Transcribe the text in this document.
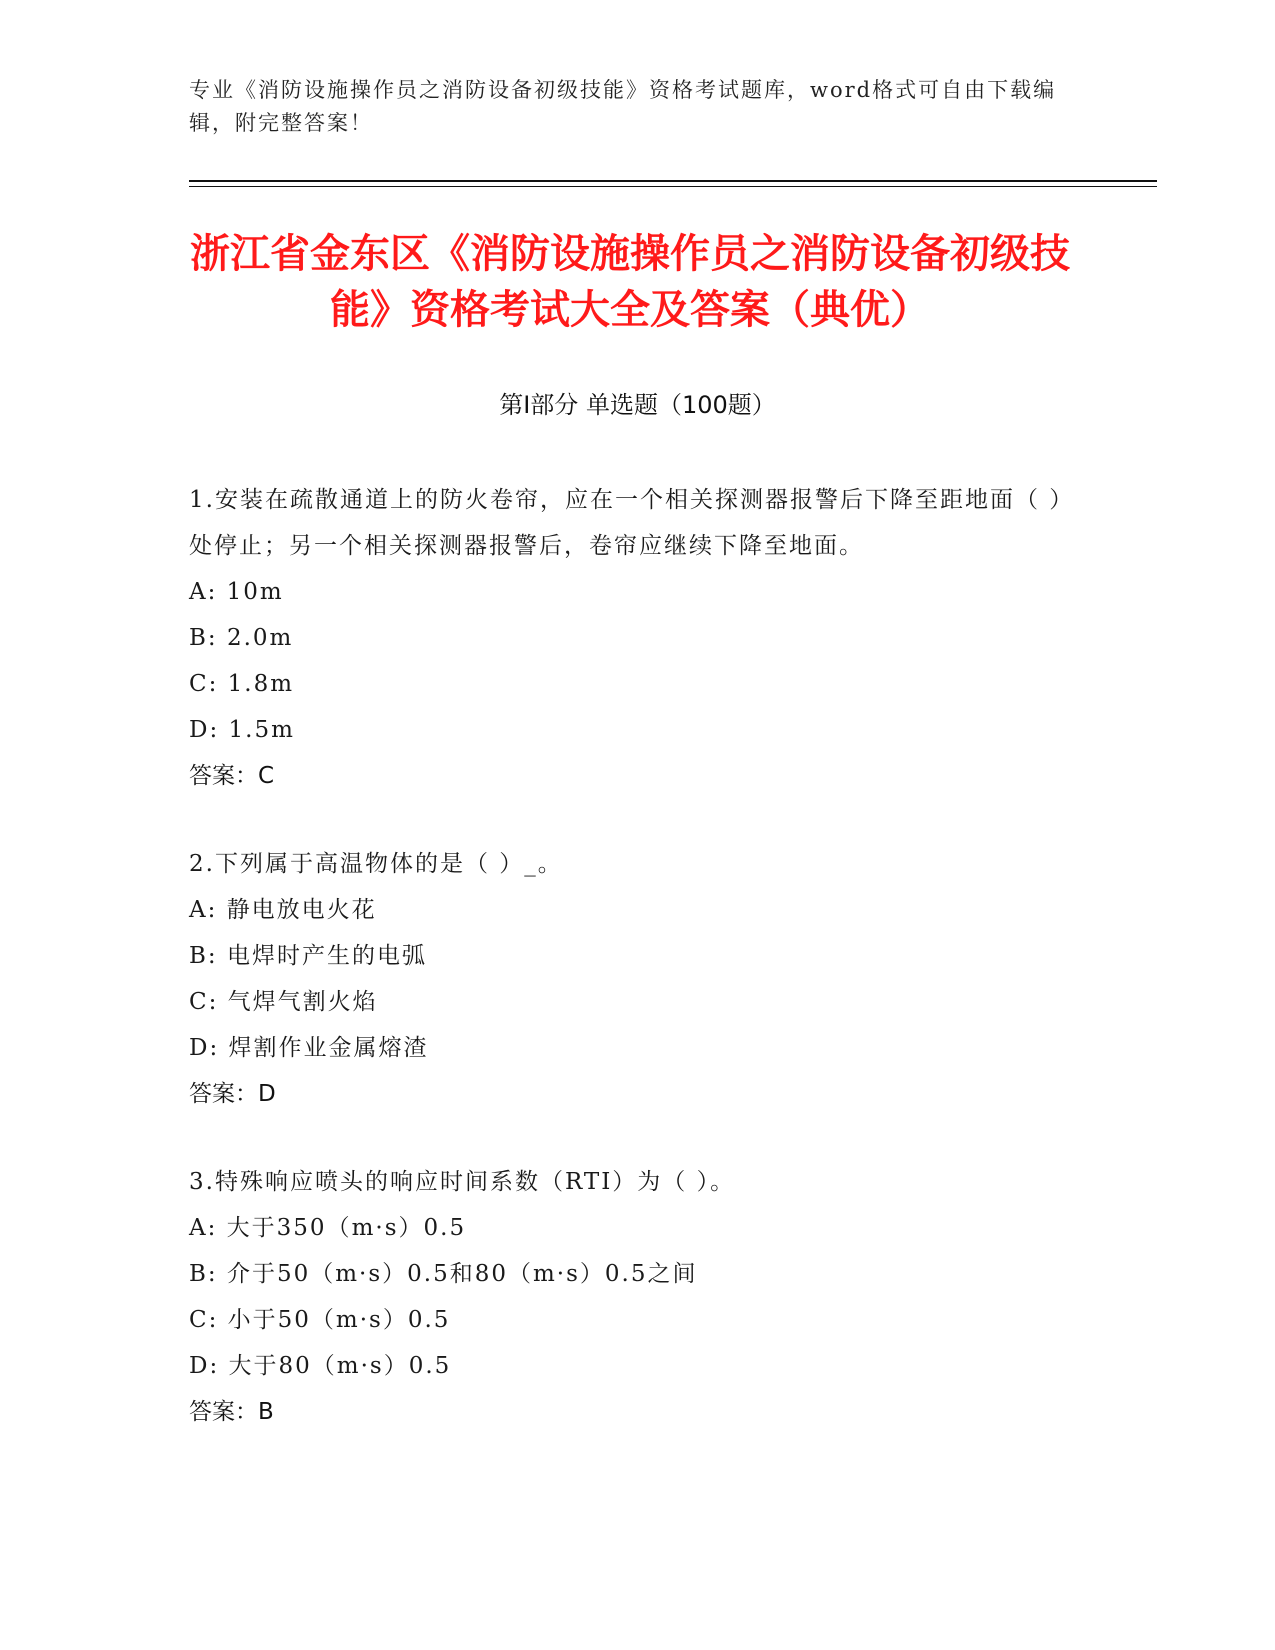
专业《消防设施操作员之消防设备初级技能》资格考试题库，word格式可自由下载编辑，附完整答案！
浙江省金东区《消防设施操作员之消防设备初级技能》资格考试大全及答案（典优）
第I部分 单选题（100题）
1.安装在疏散通道上的防火卷帘，应在一个相关探测器报警后下降至距地面（ ）处停止；另一个相关探测器报警后，卷帘应继续下降至地面。
A: 10m
B: 2.0m
C: 1.8m
D: 1.5m
答案：C
2.下列属于高温物体的是（ ）_。
A: 静电放电火花
B: 电焊时产生的电弧
C: 气焊气割火焰
D: 焊割作业金属熔渣
答案：D
3.特殊响应喷头的响应时间系数（RTI）为（ ）。
A: 大于350（m·s）0.5
B: 介于50（m·s）0.5和80（m·s）0.5之间
C: 小于50（m·s）0.5
D: 大于80（m·s）0.5
答案：B
